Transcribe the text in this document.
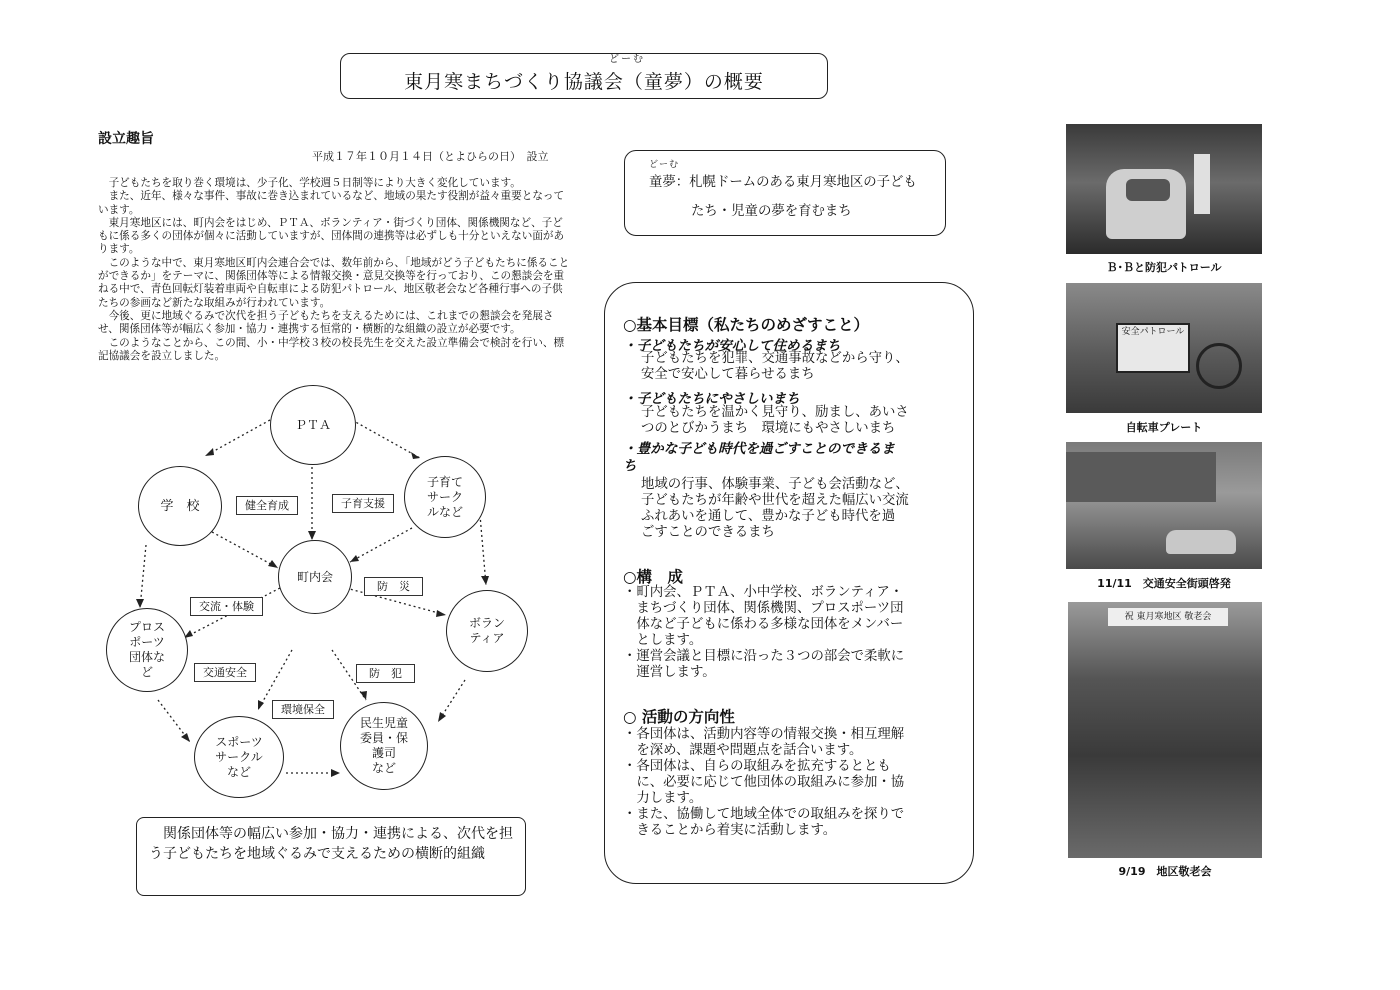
どーむ
東月寒まちづくり協議会（童夢）の概要
設立趣旨
平成１７年１０月１４日（とよひらの日）　設立

　子どもたちを取り巻く環境は、少子化、学校週５日制等により大きく変化しています。

　また、近年、様々な事件、事故に巻き込まれているなど、地域の果たす役割が益々重要となっています。

　東月寒地区には、町内会をはじめ、ＰＴＡ、ボランティア・街づくり団体、関係機関など、子どもに係る多くの団体が個々に活動していますが、団体間の連携等は必ずしも十分といえない面があります。

　このような中で、東月寒地区町内会連合会では、数年前から、「地域がどう子どもたちに係ることができるか」をテーマに、関係団体等による情報交換・意見交換等を行っており、この懇談会を重ねる中で、青色回転灯装着車両や自転車による防犯パトロール、地区敬老会など各種行事への子供たちの参画など新たな取組みが行われています。

　今後、更に地域ぐるみで次代を担う子どもたちを支えるためには、これまでの懇談会を発展させ、関係団体等が幅広く参加・協力・連携する恒常的・横断的な組織の設立が必要です。

　このようなことから、この間、小・中学校３校の校長先生を交えた設立準備会で検討を行い、標記協議会を設立しました。

ＰＴＡ
学　校
子育て
サーク
ルなど
町内会
ボラン
ティア
プロス
ポーツ
団体な
ど
スポーツ
サークル
など
民生児童
委員・保
護司
など
健全育成	子育支援
防　災
交流・体験
交通安全	防　犯
環境保全
　関係団体等の幅広い参加・協力・連携による、次代を担う子どもたちを地域ぐるみで支えるための横断的組織
どーむ
童夢：札幌ドームのある東月寒地区の子ども
たち・児童の夢を育むまち
○基本目標（私たちのめざすこと）
・子どもたちが安心して住めるまち
子どもたちを犯罪、交通事故などから守り、
安全で安心して暮らせるまち
・子どもたちにやさしいまち
子どもたちを温かく見守り、励まし、あいさ
つのとびかうまち　環境にもやさしいまち
・豊かな子ども時代を過ごすことのできるま
ち
地域の行事、体験事業、子ども会活動など、
子どもたちが年齢や世代を超えた幅広い交流
ふれあいを通して、豊かな子ども時代を過
ごすことのできるまち
○構　成
・町内会、ＰＴＡ、小中学校、ボランティア・
　まちづくり団体、関係機関、プロスポーツ団
　体など子どもに係わる多様な団体をメンバー
　とします。
・運営会議と目標に沿った３つの部会で柔軟に
　運営します。
○ 活動の方向性
・各団体は、活動内容等の情報交換・相互理解
　を深め、課題や問題点を話合います。
・各団体は、自らの取組みを拡充するととも
　に、必要に応じて他団体の取組みに参加・協
　力します。
・また、協働して地域全体での取組みを探りで
　きることから着実に活動します。
Ｂ･Ｂと防犯パトロール
安全パトロール
自転車プレート
11/11　交通安全街頭啓発
祝 東月寒地区 敬老会
9/19　地区敬老会
